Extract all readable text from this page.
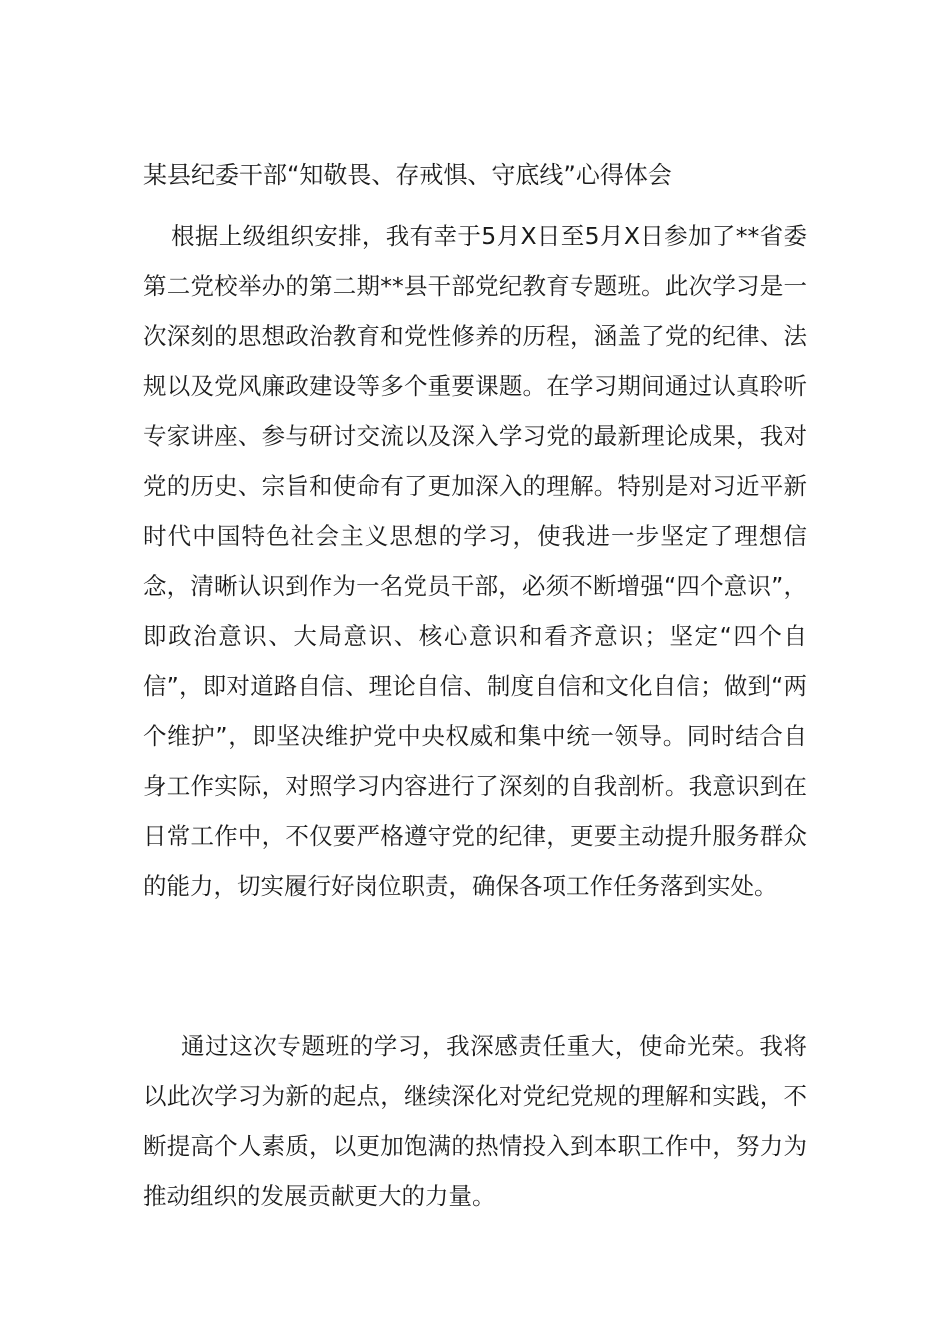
某县纪委干部“知敬畏、存戒惧、守底线”心得体会

根据上级组织安排，我有幸于5月X日至5月X日参加了**省委第二党校举办的第二期**县干部党纪教育专题班。此次学习是一次深刻的思想政治教育和党性修养的历程，涵盖了党的纪律、法规以及党风廉政建设等多个重要课题。在学习期间通过认真聆听专家讲座、参与研讨交流以及深入学习党的最新理论成果，我对党的历史、宗旨和使命有了更加深入的理解。特别是对习近平新时代中国特色社会主义思想的学习，使我进一步坚定了理想信念，清晰认识到作为一名党员干部，必须不断增强“四个意识”，即政治意识、大局意识、核心意识和看齐意识；坚定“四个自信”，即对道路自信、理论自信、制度自信和文化自信；做到“两个维护”，即坚决维护党中央权威和集中统一领导。同时结合自身工作实际，对照学习内容进行了深刻的自我剖析。我意识到在日常工作中，不仅要严格遵守党的纪律，更要主动提升服务群众的能力，切实履行好岗位职责，确保各项工作任务落到实处。

通过这次专题班的学习，我深感责任重大，使命光荣。我将以此次学习为新的起点，继续深化对党纪党规的理解和实践，不断提高个人素质，以更加饱满的热情投入到本职工作中，努力为推动组织的发展贡献更大的力量。
